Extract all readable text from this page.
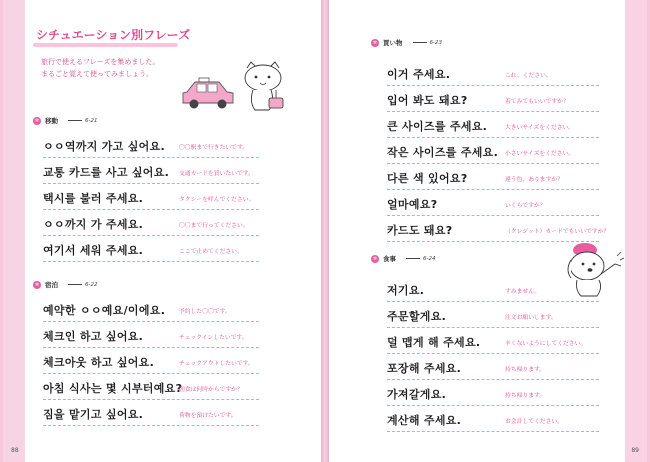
シチュエーション別フレーズ
旅行で使えるフレーズを集めました。
まるごと覚えて使ってみましょう。
✲ 移動	6-21
ㅇㅇ역까지 가고 싶어요. 〇〇駅まで行きたいです。
교통 카드를 사고 싶어요. 交通カードを買いたいです。
택시를 불러 주세요.	タクシーを呼んでください。
ㅇㅇ까지 가 주세요.	〇〇まで行ってください。
여기서 세워 주세요.	ここで止めてください。
✲ 宿泊	6-22
예약한 ㅇㅇ예요/이에요. 予約した〇〇です。
체크인 하고 싶어요.	チェックインしたいです。
체크아웃 하고 싶어요.	チェックアウトしたいです。
아침 식사는 몇 시부터예요?
朝食は何時からですか？
짐을 맡기고 싶어요.	荷物を預けたいです。
88
✲ 買い物	6-23
이거 주세요.	これ、ください。
입어 봐도 돼요?	着てみてもいいですか？
큰 사이즈를 주세요.	大きいサイズをください。
작은 사이즈를 주세요. 小さいサイズをください。
다른 색 있어요?	違う色、ありますか？
얼마예요?	いくらですか？
카드도 돼요?	（クレジット）カードでもいいですか？
✲ 食事	6-24
저기요.	すみません。
주문할게요.	注文お願いします。
덜 맵게 해 주세요.	辛くないようにしてください。
포장해 주세요.	持ち帰ります。
가져갈게요.	持ち帰ります。
계산해 주세요.	お会計してください。
89
